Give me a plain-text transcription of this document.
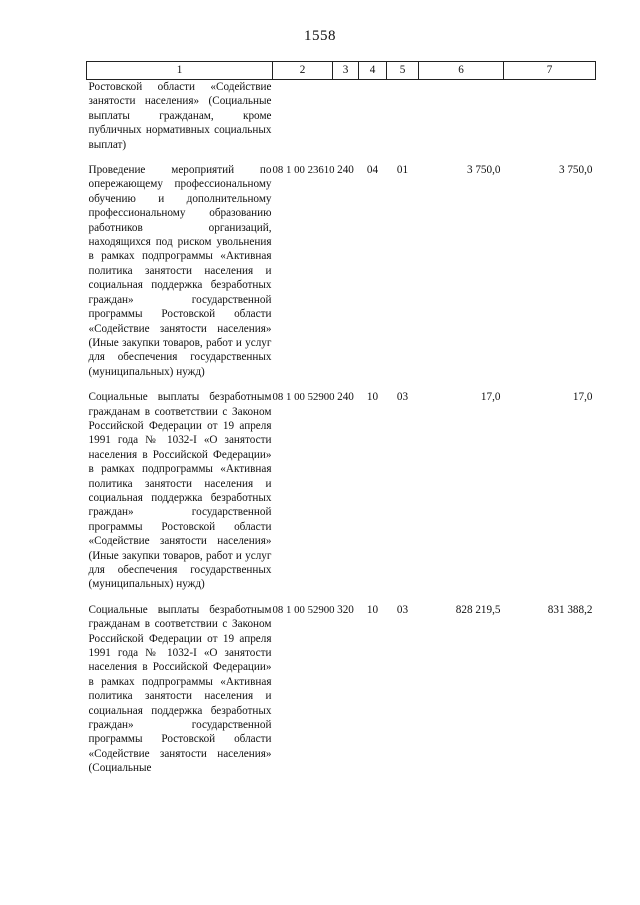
1558
1	2	3	4	5	6	7
Ростовской области «Содействие занятости населения» (Социальные выплаты гражданам, кроме публичных нормативных социальных выплат)						
Проведение мероприятий по опережающему профессиональному обучению и дополнительному профессиональному образованию работников организаций, находящихся под риском увольнения в рамках подпрограммы «Активная политика занятости населения и социальная поддержка безработных граждан» государственной программы Ростовской области «Содействие занятости населения» (Иные закупки товаров, работ и услуг для обеспечения государственных (муниципальных) нужд)	08 1 00 23610	240	04	01	3 750,0	3 750,0
Социальные выплаты безработным гражданам в соответствии с Законом Российской Федерации от 19 апреля 1991 года № 1032-I «О занятости населения в Российской Федерации» в рамках подпрограммы «Активная политика занятости населения и социальная поддержка безработных граждан» государственной программы Ростовской области «Содействие занятости населения» (Иные закупки товаров, работ и услуг для обеспечения государственных (муниципальных) нужд)	08 1 00 52900	240	10	03	17,0	17,0
Социальные выплаты безработным гражданам в соответствии с Законом Российской Федерации от 19 апреля 1991 года № 1032-I «О занятости населения в Российской Федерации» в рамках подпрограммы «Активная политика занятости населения и социальная поддержка безработных граждан» государственной программы Ростовской области «Содействие занятости населения» (Социальные	08 1 00 52900	320	10	03	828 219,5	831 388,2
